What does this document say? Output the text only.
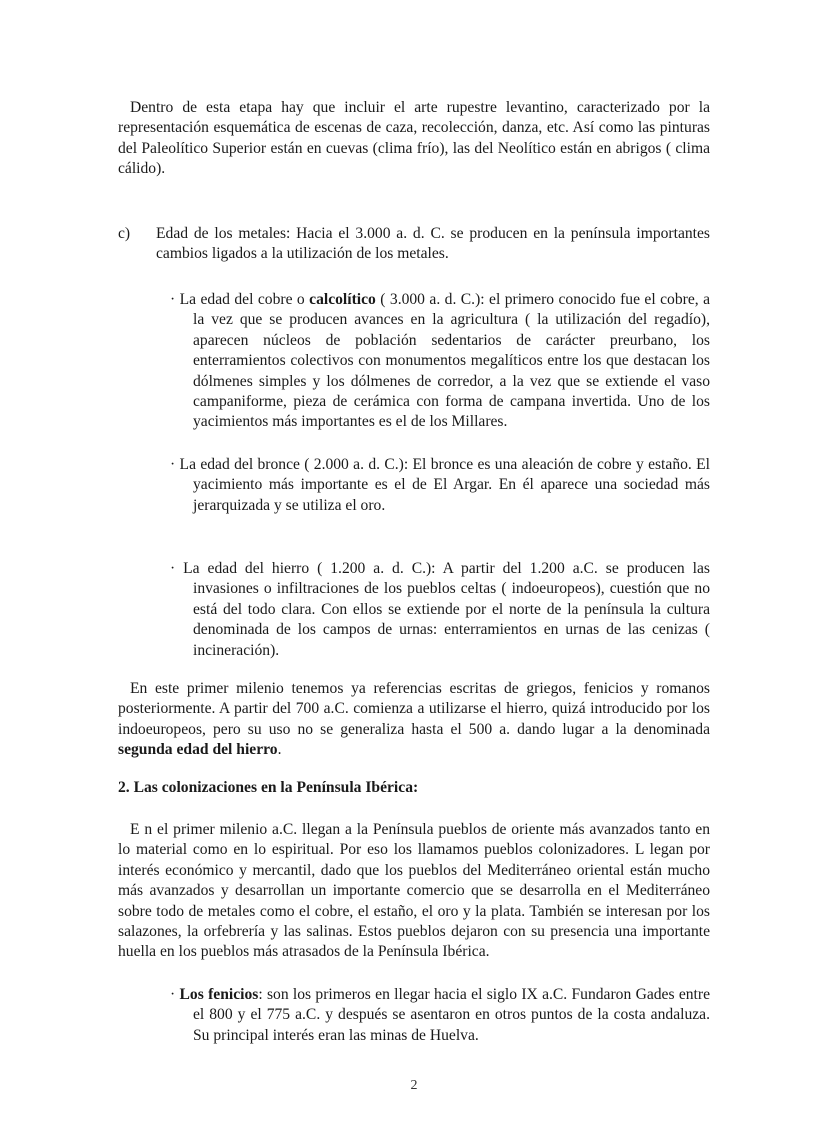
Dentro de esta etapa hay que incluir el arte rupestre levantino, caracterizado por la representación esquemática de escenas de caza, recolección, danza, etc. Así como las pinturas del Paleolítico Superior están en cuevas (clima frío), las del Neolítico están en abrigos ( clima cálido).

c) Edad de los metales: Hacia el 3.000 a. d. C. se producen en la península importantes cambios ligados a la utilización de los metales.
· La edad del cobre o calcolítico ( 3.000 a. d. C.): el primero conocido fue el cobre, a la vez que se producen avances en la agricultura ( la utilización del regadío), aparecen núcleos de población sedentarios de carácter preurbano, los enterramientos colectivos con monumentos megalíticos entre los que destacan los dólmenes simples y los dólmenes de corredor, a la vez que se extiende el vaso campaniforme, pieza de cerámica con forma de campana invertida. Uno de los yacimientos más importantes es el de los Millares.
· La edad del bronce ( 2.000 a. d. C.): El bronce es una aleación de cobre y estaño. El yacimiento más importante es el de El Argar. En él aparece una sociedad más jerarquizada y se utiliza el oro.
· La edad del hierro ( 1.200 a. d. C.): A partir del 1.200 a.C. se producen las invasiones o infiltraciones de los pueblos celtas ( indoeuropeos), cuestión que no está del todo clara. Con ellos se extiende por el norte de la península la cultura denominada de los campos de urnas: enterramientos en urnas de las cenizas ( incineración).

En este primer milenio tenemos ya referencias escritas de griegos, fenicios y romanos posteriormente. A partir del 700 a.C. comienza a utilizarse el hierro, quizá introducido por los indoeuropeos, pero su uso no se generaliza hasta el 500 a. dando lugar a la denominada segunda edad del hierro.

2. Las colonizaciones en la Península Ibérica:

E n el primer milenio a.C. llegan a la Península pueblos de oriente más avanzados tanto en lo material como en lo espiritual. Por eso los llamamos pueblos colonizadores. L legan por interés económico y mercantil, dado que los pueblos del Mediterráneo oriental están mucho más avanzados y desarrollan un importante comercio que se desarrolla en el Mediterráneo sobre todo de metales como el cobre, el estaño, el oro y la plata. También se interesan por los salazones, la orfebrería y las salinas. Estos pueblos dejaron con su presencia una importante huella en los pueblos más atrasados de la Península Ibérica.

· Los fenicios: son los primeros en llegar hacia el siglo IX a.C. Fundaron Gades entre el 800 y el 775 a.C. y después se asentaron en otros puntos de la costa andaluza. Su principal interés eran las minas de Huelva.
2
